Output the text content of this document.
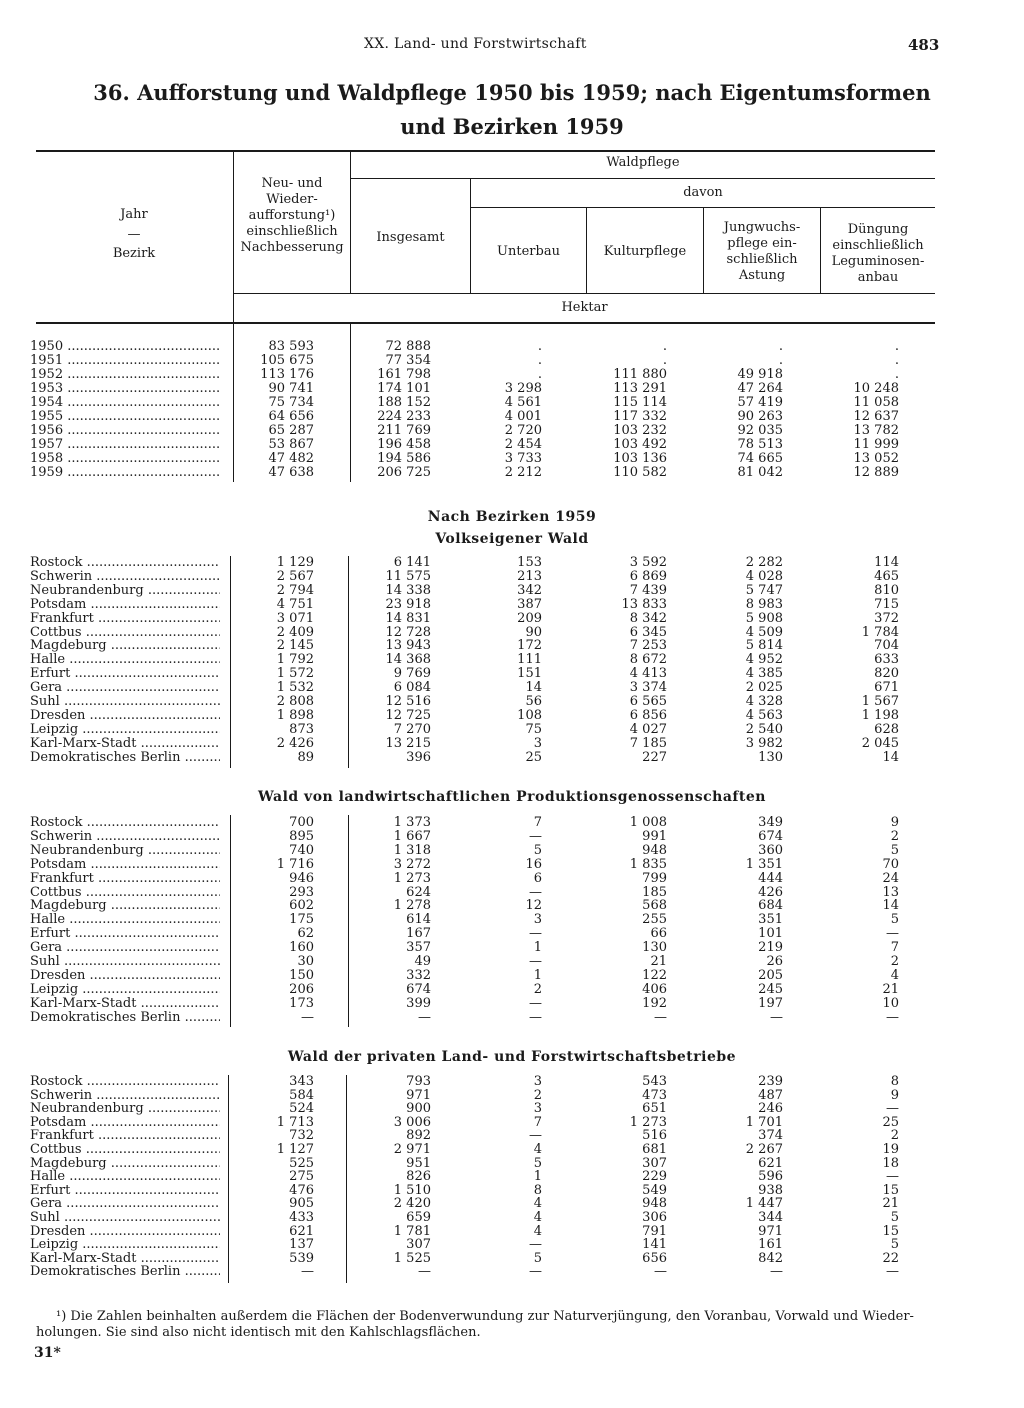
XX. Land- und Forstwirtschaft	483
36. Aufforstung und Waldpflege 1950 bis 1959; nach Eigentumsformen
und Bezirken 1959
Jahr
—
Bezirk
Neu- und
Wieder-
aufforstung¹)
einschließlich
Nachbesserung
Waldpflege
davon
Insgesamt
Unterbau	Kulturpflege
Jungwuchs-
pflege ein-
schließlich
Astung
Düngung
einschließlich
Leguminosen-
anbau
Hektar
1950 .....	83 593	72 888	.	.	.	.
1951 .....	105 675	77 354	.	.	.	.
1952 .....	113 176	161 798	.	111 880	49 918	.
1953 .....	90 741	174 101	3 298	113 291	47 264	10 248
1954 .....	75 734	188 152	4 561	115 114	57 419	11 058
1955 .....	64 656	224 233	4 001	117 332	90 263	12 637
1956 .....	65 287	211 769	2 720	103 232	92 035	13 782
1957 .....	53 867	196 458	2 454	103 492	78 513	11 999
1958 .....	47 482	194 586	3 733	103 136	74 665	13 052
1959 .....	47 638	206 725	2 212	110 582	81 042	12 889
Nach Bezirken 1959
Volkseigener Wald
Rostock .....	1 129	6 141	153	3 592	2 282	114
Schwerin .....	2 567	11 575	213	6 869	4 028	465
Neubrandenburg .....	2 794	14 338	342	7 439	5 747	810
Potsdam .....	4 751	23 918	387	13 833	8 983	715
Frankfurt .....	3 071	14 831	209	8 342	5 908	372
Cottbus .....	2 409	12 728	90	6 345	4 509	1 784
Magdeburg .....	2 145	13 943	172	7 253	5 814	704
Halle .....	1 792	14 368	111	8 672	4 952	633
Erfurt .....	1 572	9 769	151	4 413	4 385	820
Gera .....	1 532	6 084	14	3 374	2 025	671
Suhl .....	2 808	12 516	56	6 565	4 328	1 567
Dresden .....	1 898	12 725	108	6 856	4 563	1 198
Leipzig .....	873	7 270	75	4 027	2 540	628
Karl-Marx-Stadt .....	2 426	13 215	3	7 185	3 982	2 045
Demokratisches Berlin .....	89	396	25	227	130	14
Wald von landwirtschaftlichen Produktionsgenossenschaften
Rostock .....	700	1 373	7	1 008	349	9
Schwerin .....	895	1 667	—	991	674	2
Neubrandenburg .....	740	1 318	5	948	360	5
Potsdam .....	1 716	3 272	16	1 835	1 351	70
Frankfurt .....	946	1 273	6	799	444	24
Cottbus .....	293	624	—	185	426	13
Magdeburg .....	602	1 278	12	568	684	14
Halle .....	175	614	3	255	351	5
Erfurt .....	62	167	—	66	101	—
Gera .....	160	357	1	130	219	7
Suhl .....	30	49	—	21	26	2
Dresden .....	150	332	1	122	205	4
Leipzig .....	206	674	2	406	245	21
Karl-Marx-Stadt .....	173	399	—	192	197	10
Demokratisches Berlin .....	—	—	—	—	—	—
Wald der privaten Land- und Forstwirtschaftsbetriebe
Rostock .....	343	793	3	543	239	8
Schwerin .....	584	971	2	473	487	9
Neubrandenburg .....	524	900	3	651	246	—
Potsdam .....	1 713	3 006	7	1 273	1 701	25
Frankfurt .....	732	892	—	516	374	2
Cottbus .....	1 127	2 971	4	681	2 267	19
Magdeburg .....	525	951	5	307	621	18
Halle .....	275	826	1	229	596	—
Erfurt .....	476	1 510	8	549	938	15
Gera .....	905	2 420	4	948	1 447	21
Suhl .....	433	659	4	306	344	5
Dresden .....	621	1 781	4	791	971	15
Leipzig .....	137	307	—	141	161	5
Karl-Marx-Stadt .....	539	1 525	5	656	842	22
Demokratisches Berlin .....	—	—	—	—	—	—
¹) Die Zahlen beinhalten außerdem die Flächen der Bodenverwundung zur Naturverjüngung, den Voranbau, Vorwald und Wieder-
holungen. Sie sind also nicht identisch mit den Kahlschlagsflächen.
31*
